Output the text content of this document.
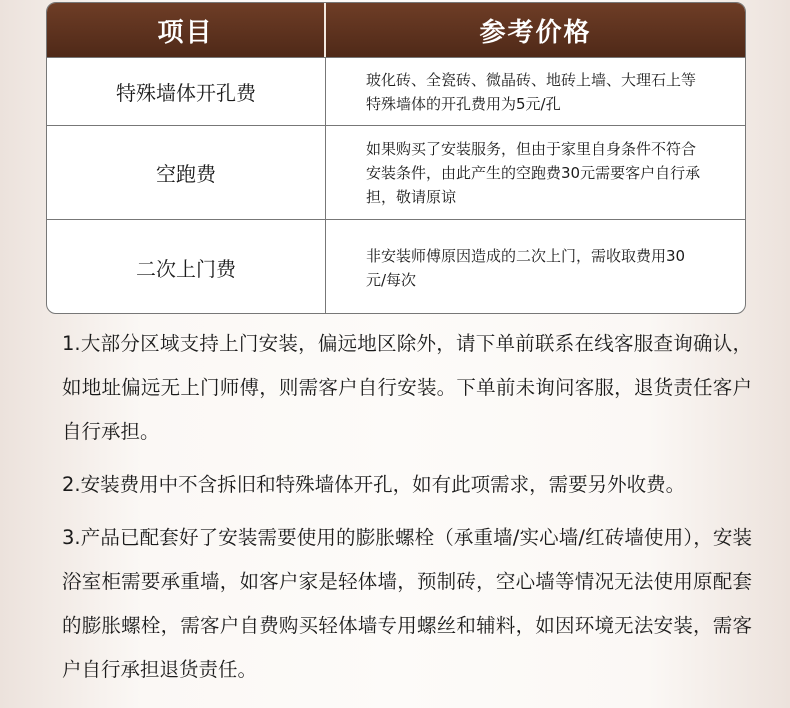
项目	参考价格
特殊墙体开孔费
玻化砖、全瓷砖、微晶砖、地砖上墙、大理石上等特殊墙体的开孔费用为5元/孔
空跑费
如果购买了安装服务，但由于家里自身条件不符合安装条件，由此产生的空跑费30元需要客户自行承担，敬请原谅
二次上门费
非安装师傅原因造成的二次上门，需收取费用30元/每次
1.大部分区域支持上门安装，偏远地区除外，请下单前联系在线客服查询确认，如地址偏远无上门师傅，则需客户自行安装。下单前未询问客服，退货责任客户自行承担。
2.安装费用中不含拆旧和特殊墙体开孔，如有此项需求，需要另外收费。
3.产品已配套好了安装需要使用的膨胀螺栓（承重墙/实心墙/红砖墙使用），安装浴室柜需要承重墙，如客户家是轻体墙，预制砖，空心墙等情况无法使用原配套的膨胀螺栓，需客户自费购买轻体墙专用螺丝和辅料，如因环境无法安装，需客户自行承担退货责任。
